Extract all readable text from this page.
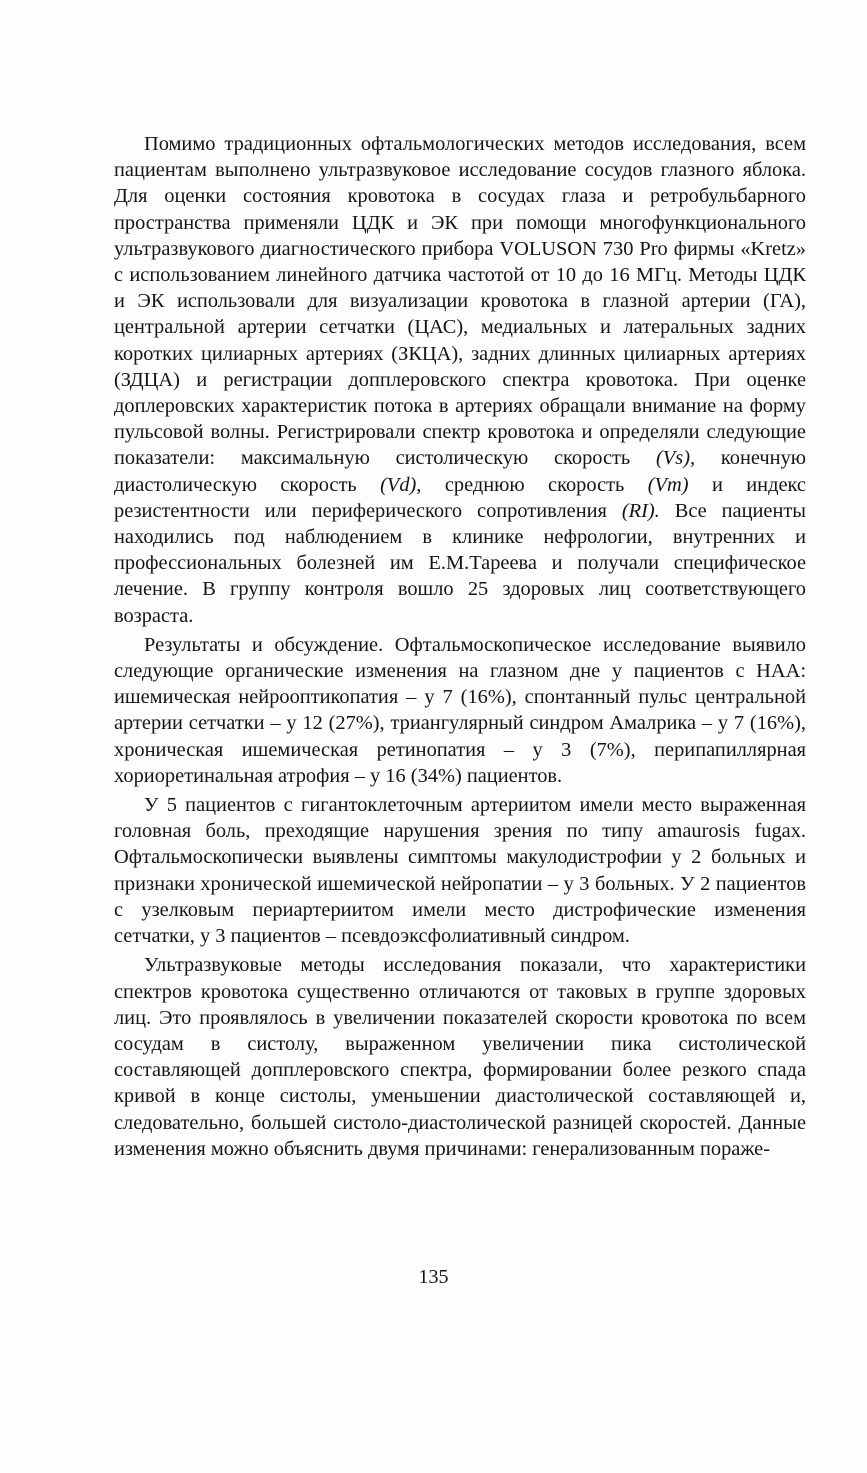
Помимо традиционных офтальмологических методов исследования, всем пациентам выполнено ультразвуковое исследование сосудов глазного яблока. Для оценки состояния кровотока в сосудах глаза и ретробульбарного пространства применяли ЦДК и ЭК при помощи многофункционального ультразвукового диагностического прибора VOLUSON 730 Pro фирмы «Kretz» с использованием линейного датчика частотой от 10 до 16 МГц. Методы ЦДК и ЭК использовали для визуализации кровотока в глазной артерии (ГА), центральной артерии сетчатки (ЦАС), медиальных и латеральных задних коротких цилиарных артериях (ЗКЦА), задних длинных цилиарных артериях (ЗДЦА) и регистрации допплеровского спектра кровотока. При оценке доплеровских характеристик потока в артериях обращали внимание на форму пульсовой волны. Регистрировали спектр кровотока и определяли следующие показатели: максимальную систолическую скорость (Vs), конечную диастолическую скорость (Vd), среднюю скорость (Vm) и индекс резистентности или периферического сопротивления (RI). Все пациенты находились под наблюдением в клинике нефрологии, внутренних и профессиональных болезней им Е.М.Тареева и получали специфическое лечение. В группу контроля вошло 25 здоровых лиц соответствующего возраста.

Результаты и обсуждение. Офтальмоскопическое исследование выявило следующие органические изменения на глазном дне у пациентов с НАА: ишемическая нейрооптикопатия – у 7 (16%), спонтанный пульс центральной артерии сетчатки – у 12 (27%), триангулярный синдром Амалрика – у 7 (16%), хроническая ишемическая ретинопатия – у 3 (7%), перипапиллярная хориоретинальная атрофия – у 16 (34%) пациентов.

У 5 пациентов с гигантоклеточным артериитом имели место выраженная головная боль, преходящие нарушения зрения по типу amaurosis fugax. Офтальмоскопически выявлены симптомы макулодистрофии у 2 больных и признаки хронической ишемической нейропатии – у 3 больных. У 2 пациентов с узелковым периартериитом имели место дистрофические изменения сетчатки, у 3 пациентов – псевдоэксфолиативный синдром.

Ультразвуковые методы исследования показали, что характеристики спектров кровотока существенно отличаются от таковых в группе здоровых лиц. Это проявлялось в увеличении показателей скорости кровотока по всем сосудам в систолу, выраженном увеличении пика систолической составляющей допплеровского спектра, формировании более резкого спада кривой в конце систолы, уменьшении диастолической составляющей и, следовательно, большей систоло-диастолической разницей скоростей. Данные изменения можно объяснить двумя причинами: генерализованным пораже-

135
